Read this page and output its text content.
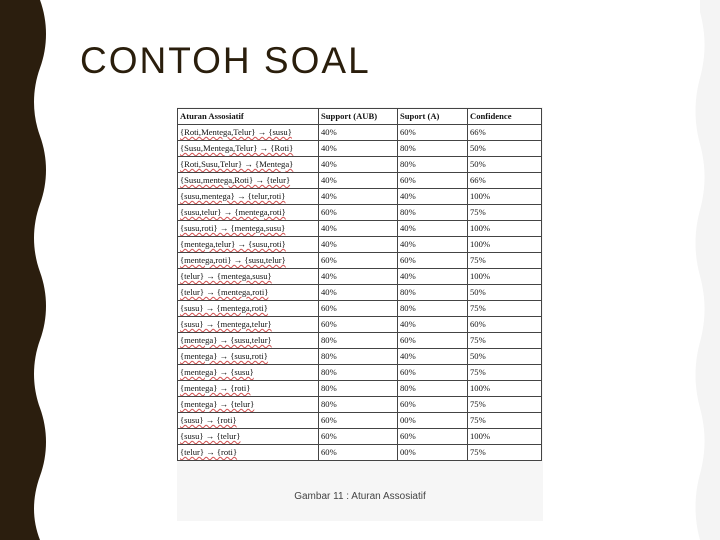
CONTOH SOAL
Aturan Assosiatif	Support (AUB)	Suport (A)	Confidence
{Roti,Mentega,Telur} → {susu}	40%	60%	66%
{Susu,Mentega,Telur} → {Roti}	40%	80%	50%
{Roti,Susu,Telur} → {Mentega}	40%	80%	50%
{Susu,mentega,Roti} → {telur}	40%	60%	66%
{susu,mentega} → {telur,roti}	40%	40%	100%
{susu,telur} → {mentega,roti}	60%	80%	75%
{susu,roti} → {mentega,susu}	40%	40%	100%
{mentega,telur} → {susu,roti}	40%	40%	100%
{mentega,roti} → {susu,telur}	60%	60%	75%
{telur} → {mentega,susu}	40%	40%	100%
{telur} → {mentega,roti}	40%	80%	50%
{susu} → {mentega,roti}	60%	80%	75%
{susu} → {mentega,telur}	60%	40%	60%
{mentega} → {susu,telur}	80%	60%	75%
{mentega} → {susu,roti}	80%	40%	50%
{mentega} → {susu}	80%	60%	75%
{mentega} → {roti}	80%	80%	100%
{mentega} → {telur}	80%	60%	75%
{susu} → {roti}	60%	00%	75%
{susu} → {telur}	60%	60%	100%
{telur} → {roti}	60%	00%	75%
Gambar 11 : Aturan Assosiatif
